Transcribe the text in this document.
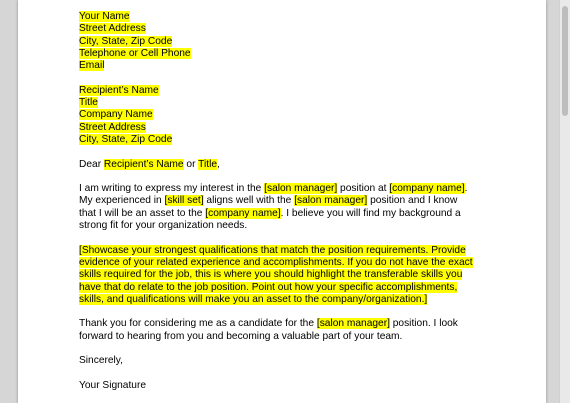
Your Name
Street Address
City, State, Zip Code
Telephone or Cell Phone
Email
Recipient’s Name
Title
Company Name
Street Address
City, State, Zip Code
Dear Recipient’s Name or Title,
I am writing to express my interest in the [salon manager] position at [company name].
My experienced in [skill set] aligns well with the [salon manager] position and I know
that I will be an asset to the [company name]. I believe you will find my background a
strong fit for your organization needs.
[Showcase your strongest qualifications that match the position requirements. Provide
evidence of your related experience and accomplishments. If you do not have the exact
skills required for the job, this is where you should highlight the transferable skills you
have that do relate to the job position. Point out how your specific accomplishments,
skills, and qualifications will make you an asset to the company/organization.]
Thank you for considering me as a candidate for the [salon manager] position. I look
forward to hearing from you and becoming a valuable part of your team.
Sincerely,
Your Signature
